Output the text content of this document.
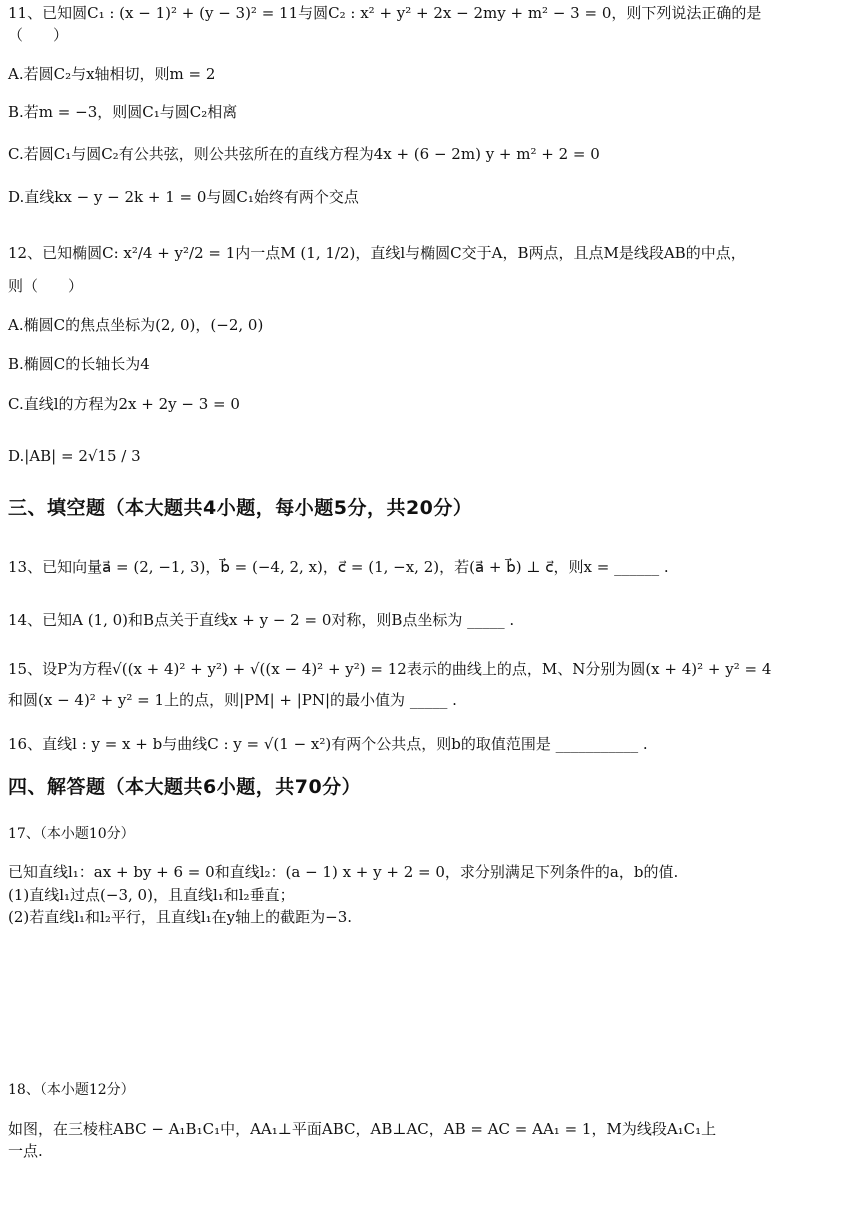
11、已知圆C₁ : (x − 1)² + (y − 3)² = 11与圆C₂ : x² + y² + 2x − 2my + m² − 3 = 0，则下列说法正确的是
（　　）
A.若圆C₂与x轴相切，则m = 2
B.若m = −3，则圆C₁与圆C₂相离
C.若圆C₁与圆C₂有公共弦，则公共弦所在的直线方程为4x + (6 − 2m) y + m² + 2 = 0
D.直线kx − y − 2k + 1 = 0与圆C₁始终有两个交点
12、已知椭圆C: x²/4 + y²/2 = 1内一点M (1, 1/2)，直线l与椭圆C交于A，B两点，且点M是线段AB的中点，
则（　　）
A.椭圆C的焦点坐标为(2, 0)，(−2, 0)
B.椭圆C的长轴长为4
C.直线l的方程为2x + 2y − 3 = 0
D.|AB| = 2√15 / 3
三、填空题（本大题共4小题，每小题5分，共20分）
13、已知向量a⃗ = (2, −1, 3)，b⃗ = (−4, 2, x)，c⃗ = (1, −x, 2)，若(a⃗ + b⃗) ⊥ c⃗，则x = ______ .
14、已知A (1, 0)和B点关于直线x + y − 2 = 0对称，则B点坐标为 _____ .
15、设P为方程√((x + 4)² + y²) + √((x − 4)² + y²) = 12表示的曲线上的点，M、N分别为圆(x + 4)² + y² = 4
和圆(x − 4)² + y² = 1上的点，则|PM| + |PN|的最小值为 _____ .
16、直线l : y = x + b与曲线C : y = √(1 − x²)有两个公共点，则b的取值范围是 ___________ .
四、解答题（本大题共6小题，共70分）
17、（本小题10分）
已知直线l₁：ax + by + 6 = 0和直线l₂：(a − 1) x + y + 2 = 0，求分别满足下列条件的a，b的值.
(1)直线l₁过点(−3, 0)，且直线l₁和l₂垂直；
(2)若直线l₁和l₂平行，且直线l₁在y轴上的截距为−3.
18、（本小题12分）
如图，在三棱柱ABC − A₁B₁C₁中，AA₁⊥平面ABC，AB⊥AC，AB = AC = AA₁ = 1，M为线段A₁C₁上
一点.
